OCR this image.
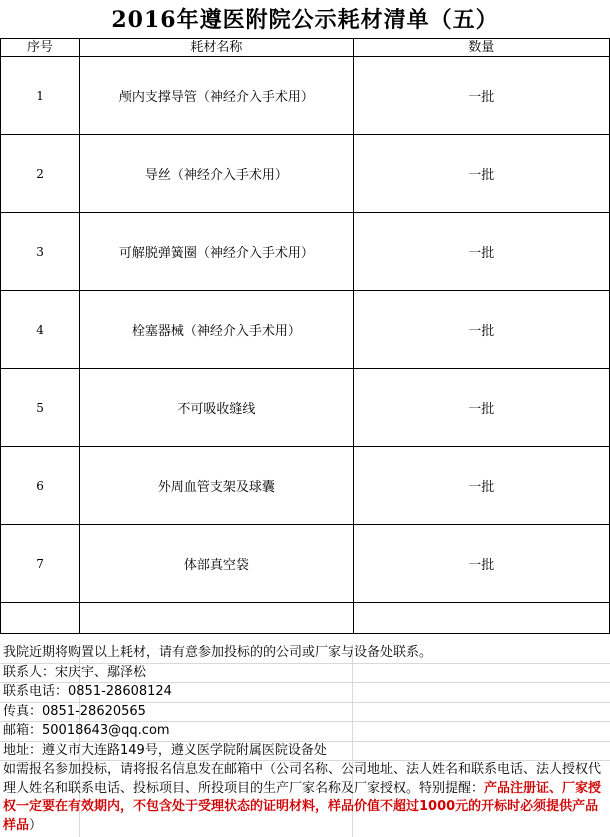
2016年遵医附院公示耗材清单（五）
序号	耗材名称	数量
1	颅内支撑导管（神经介入手术用）	一批
2	导丝（神经介入手术用）	一批
3	可解脱弹簧圈（神经介入手术用）	一批
4	栓塞器械（神经介入手术用）	一批
5	不可吸收缝线	一批
6	外周血管支架及球囊	一批
7	体部真空袋	一批

我院近期将购置以上耗材，请有意参加投标的的公司或厂家与设备处联系。
联系人：宋庆宇、鄢泽松
联系电话：0851-28608124
传真：0851-28620565
邮箱：50018643@qq.com
地址：遵义市大连路149号，遵义医学院附属医院设备处
如需报名参加投标，请将报名信息发在邮箱中（公司名称、公司地址、法人姓名和联系电话、法人授权代理人姓名和联系电话、投标项目、所投项目的生产厂家名称及厂家授权。特别提醒：产品注册证、厂家授权一定要在有效期内，不包含处于受理状态的证明材料，样品价值不超过1000元的开标时必须提供产品样品）
